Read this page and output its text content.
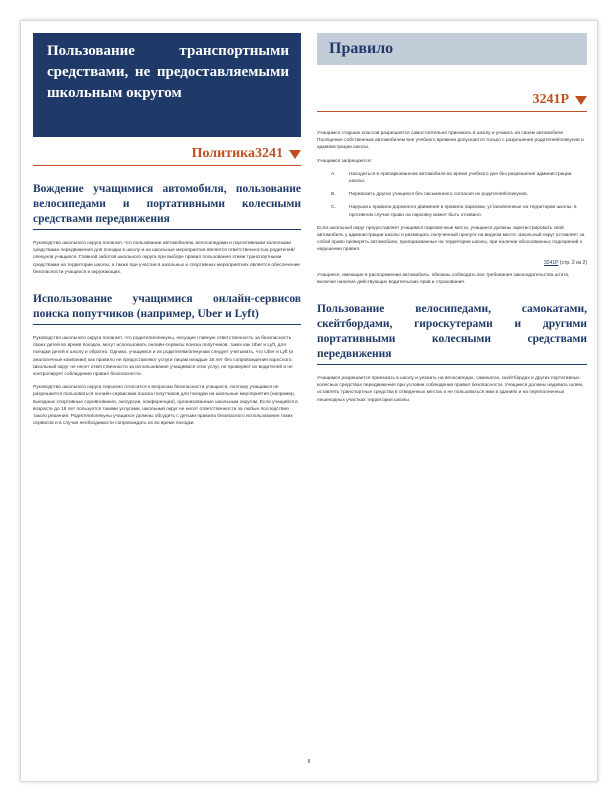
Пользование транспортными средствами, не предоставляемыми школьным округом
Политика3241
Вождение учащимися автомобиля, пользование велосипедами и портативными колесными средствами передвижения

Руководство школьного округа полагает, что пользование автомобилем, велосипедами и портативными колесными средствами передвижения для поездки в школу и на школьные мероприятия является ответственностью родителей/опекунов учащихся. Главной заботой школьного округа при выборе правил пользования этими транспортными средствами на территории школы, а также при участии в школьных и спортивных мероприятиях является обеспечение безопасности учащихся и окружающих.

Использование учащимися онлайн-сервисов поиска попутчиков (например, Uber и Lyft)

Руководство школьного округа полагает, что родители/опекуны, несущие главную ответственность за безопасность своих детей во время поездок, могут использовать онлайн-сервисы поиска попутчиков, таких как Uber и Lyft, для поездки детей в школу и обратно. Однако, учащимся и их родителям/опекунам следует учитывать, что Uber и Lyft (и аналогичные компании) как правило не предоставляют услуги лицам младше 18 лет без сопровождения взрослого. Школьный округ не несет ответственности за использование учащимися этих услуг, не проверяет их водителей и не контролирует соблюдение правил безопасности.

Руководство школьного округа серьезно относится к вопросам безопасности учащихся, поэтому учащимся не разрешается пользоваться онлайн-сервисами поиска попутчиков для поездки на школьные мероприятия (например, выездные спортивные соревнования, экскурсии, конференции), организованные школьным округом. Если учащийся в возрасте до 18 лет пользуется такими услугами, школьный округ не несет ответственности за любые последствия такого решения. Родители/опекуны учащихся должны обсудить с детьми правила безопасного использования таких сервисов и в случае необходимости сопровождать их во время поездки.

Правило
3241Р

Учащимся старших классов разрешается самостоятельно приезжать в школу и уезжать на своем автомобиле. Посещение собственным автомобилем вне учебного времени допускается только с разрешения родителей/опекунов и администрации школы.

Учащимся запрещается:

A.	Находиться в припаркованном автомобиле во время учебного дня без разрешения администрации школы.
B.	Перевозить других учащихся без письменного согласия их родителей/опекунов.
C.	Нарушать правила дорожного движения и правила парковки, установленные на территории школы; в противном случае право на парковку может быть отозвано.

Если школьный округ предоставляет учащимся парковочные места, учащиеся должны зарегистрировать свой автомобиль у администрации школы и размещать полученный пропуск на видном месте. Школьный округ оставляет за собой право проверять автомобили, припаркованные на территории школы, при наличии обоснованных подозрений о нарушении правил.

3241Р (стр. 2 из 2)

Учащиеся, имеющие в распоряжении автомобиль, обязаны соблюдать все требования законодательства штата, включая наличие действующих водительских прав и страхования.

Пользование велосипедами, самокатами, скейтбордами, гироскутерами и другими портативными колесными средствами передвижения

Учащимся разрешается приезжать в школу и уезжать на велосипедах, самокатах, скейтбордах и других портативных колесных средствах передвижения при условии соблюдения правил безопасности. Учащиеся должны надевать шлем, оставлять транспортные средства в отведенных местах и не пользоваться ими в зданиях и на переполненных пешеходных участках территории школы.

II
